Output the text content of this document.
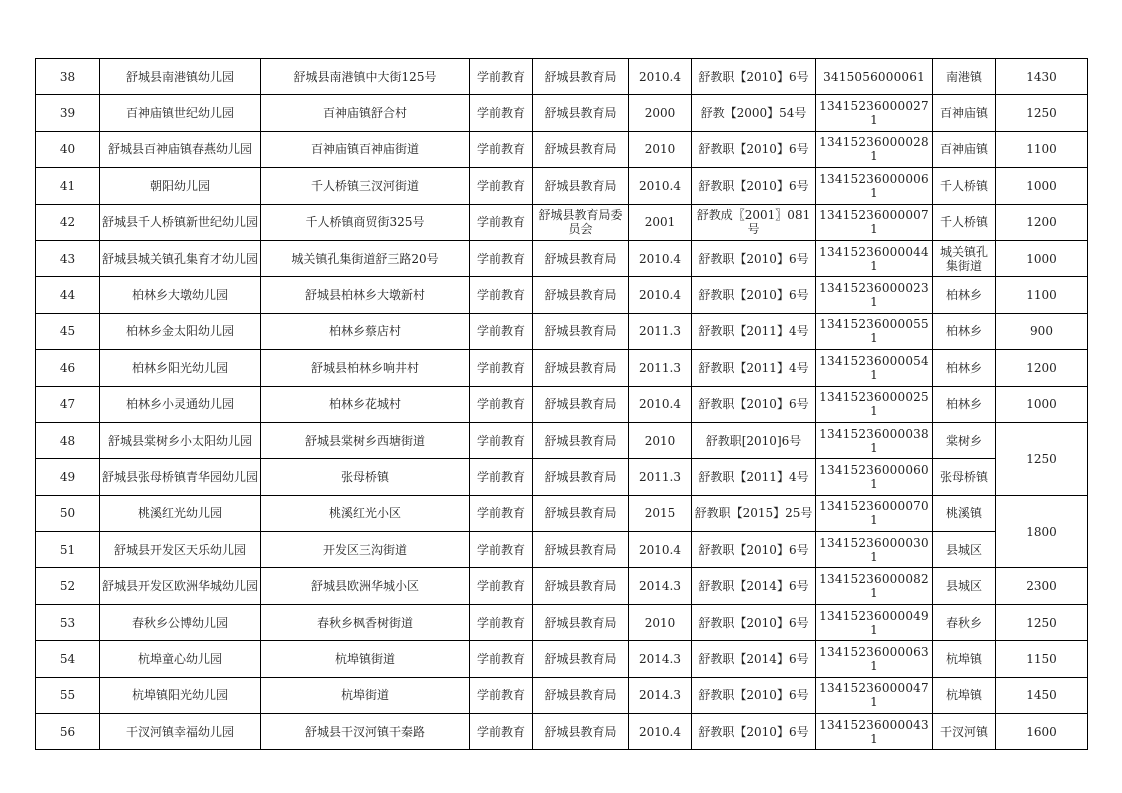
38	舒城县南港镇幼儿园	舒城县南港镇中大街125号	学前教育	舒城县教育局	2010.4	舒教职【2010】6号	3415056000061	南港镇	1430
39	百神庙镇世纪幼儿园	百神庙镇舒合村	学前教育	舒城县教育局	2000	舒教【2000】54号	134152360000271	百神庙镇	1250
40	舒城县百神庙镇春燕幼儿园	百神庙镇百神庙街道	学前教育	舒城县教育局	2010	舒教职【2010】6号	134152360000281	百神庙镇	1100
41	朝阳幼儿园	千人桥镇三汊河街道	学前教育	舒城县教育局	2010.4	舒教职【2010】6号	134152360000061	千人桥镇	1000
42	舒城县千人桥镇新世纪幼儿园	千人桥镇商贸街325号	学前教育	舒城县教育局委员会	2001	舒教成〖2001〗081号	134152360000071	千人桥镇	1200
43	舒城县城关镇孔集育才幼儿园	城关镇孔集街道舒三路20号	学前教育	舒城县教育局	2010.4	舒教职【2010】6号	134152360000441	城关镇孔集街道	1000
44	柏林乡大墩幼儿园	舒城县柏林乡大墩新村	学前教育	舒城县教育局	2010.4	舒教职【2010】6号	134152360000231	柏林乡	1100
45	柏林乡金太阳幼儿园	柏林乡蔡店村	学前教育	舒城县教育局	2011.3	舒教职【2011】4号	134152360000551	柏林乡	900
46	柏林乡阳光幼儿园	舒城县柏林乡响井村	学前教育	舒城县教育局	2011.3	舒教职【2011】4号	134152360000541	柏林乡	1200
47	柏林乡小灵通幼儿园	柏林乡花城村	学前教育	舒城县教育局	2010.4	舒教职【2010】6号	134152360000251	柏林乡	1000
48	舒城县棠树乡小太阳幼儿园	舒城县棠树乡西塘街道	学前教育	舒城县教育局	2010	舒教职[2010]6号	134152360000381	棠树乡	1250
49	舒城县张母桥镇青华园幼儿园	张母桥镇	学前教育	舒城县教育局	2011.3	舒教职【2011】4号	134152360000601	张母桥镇	
50	桃溪红光幼儿园	桃溪红光小区	学前教育	舒城县教育局	2015	舒教职【2015】25号	134152360000701	桃溪镇	1800
51	舒城县开发区天乐幼儿园	开发区三沟街道	学前教育	舒城县教育局	2010.4	舒教职【2010】6号	134152360000301	县城区	
52	舒城县开发区欧洲华城幼儿园	舒城县欧洲华城小区	学前教育	舒城县教育局	2014.3	舒教职【2014】6号	134152360000821	县城区	2300
53	春秋乡公博幼儿园	春秋乡枫香树街道	学前教育	舒城县教育局	2010	舒教职【2010】6号	134152360000491	春秋乡	1250
54	杭埠童心幼儿园	杭埠镇街道	学前教育	舒城县教育局	2014.3	舒教职【2014】6号	134152360000631	杭埠镇	1150
55	杭埠镇阳光幼儿园	杭埠街道	学前教育	舒城县教育局	2014.3	舒教职【2010】6号	134152360000471	杭埠镇	1450
56	干汊河镇幸福幼儿园	舒城县干汊河镇干秦路	学前教育	舒城县教育局	2010.4	舒教职【2010】6号	134152360000431	干汊河镇	1600
